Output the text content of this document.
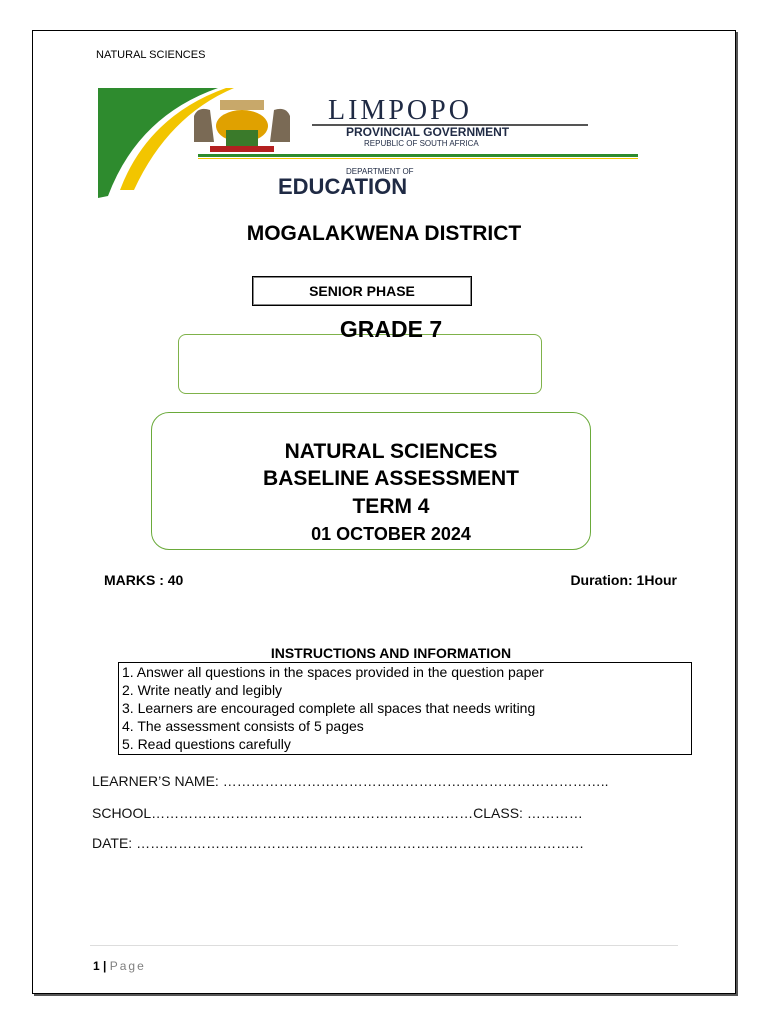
NATURAL SCIENCES
LIMPOPO
PROVINCIAL GOVERNMENT
REPUBLIC OF SOUTH AFRICA
DEPARTMENT OF
EDUCATION
MOGALAKWENA DISTRICT
SENIOR PHASE
GRADE 7
NATURAL SCIENCES
BASELINE ASSESSMENT
TERM 4
01 OCTOBER 2024
MARKS : 40	Duration: 1Hour
INSTRUCTIONS AND INFORMATION
1. Answer all questions in the spaces provided in the question paper
2. Write neatly and legibly
3. Learners are encouraged complete all spaces that needs writing
4. The assessment consists of 5 pages
5. Read questions carefully
LEARNER’S NAME: ………………………………………………………………………..
SCHOOL……………………………………………………………CLASS: …………
DATE: ……………………………………………………………………………………
1 | Page
